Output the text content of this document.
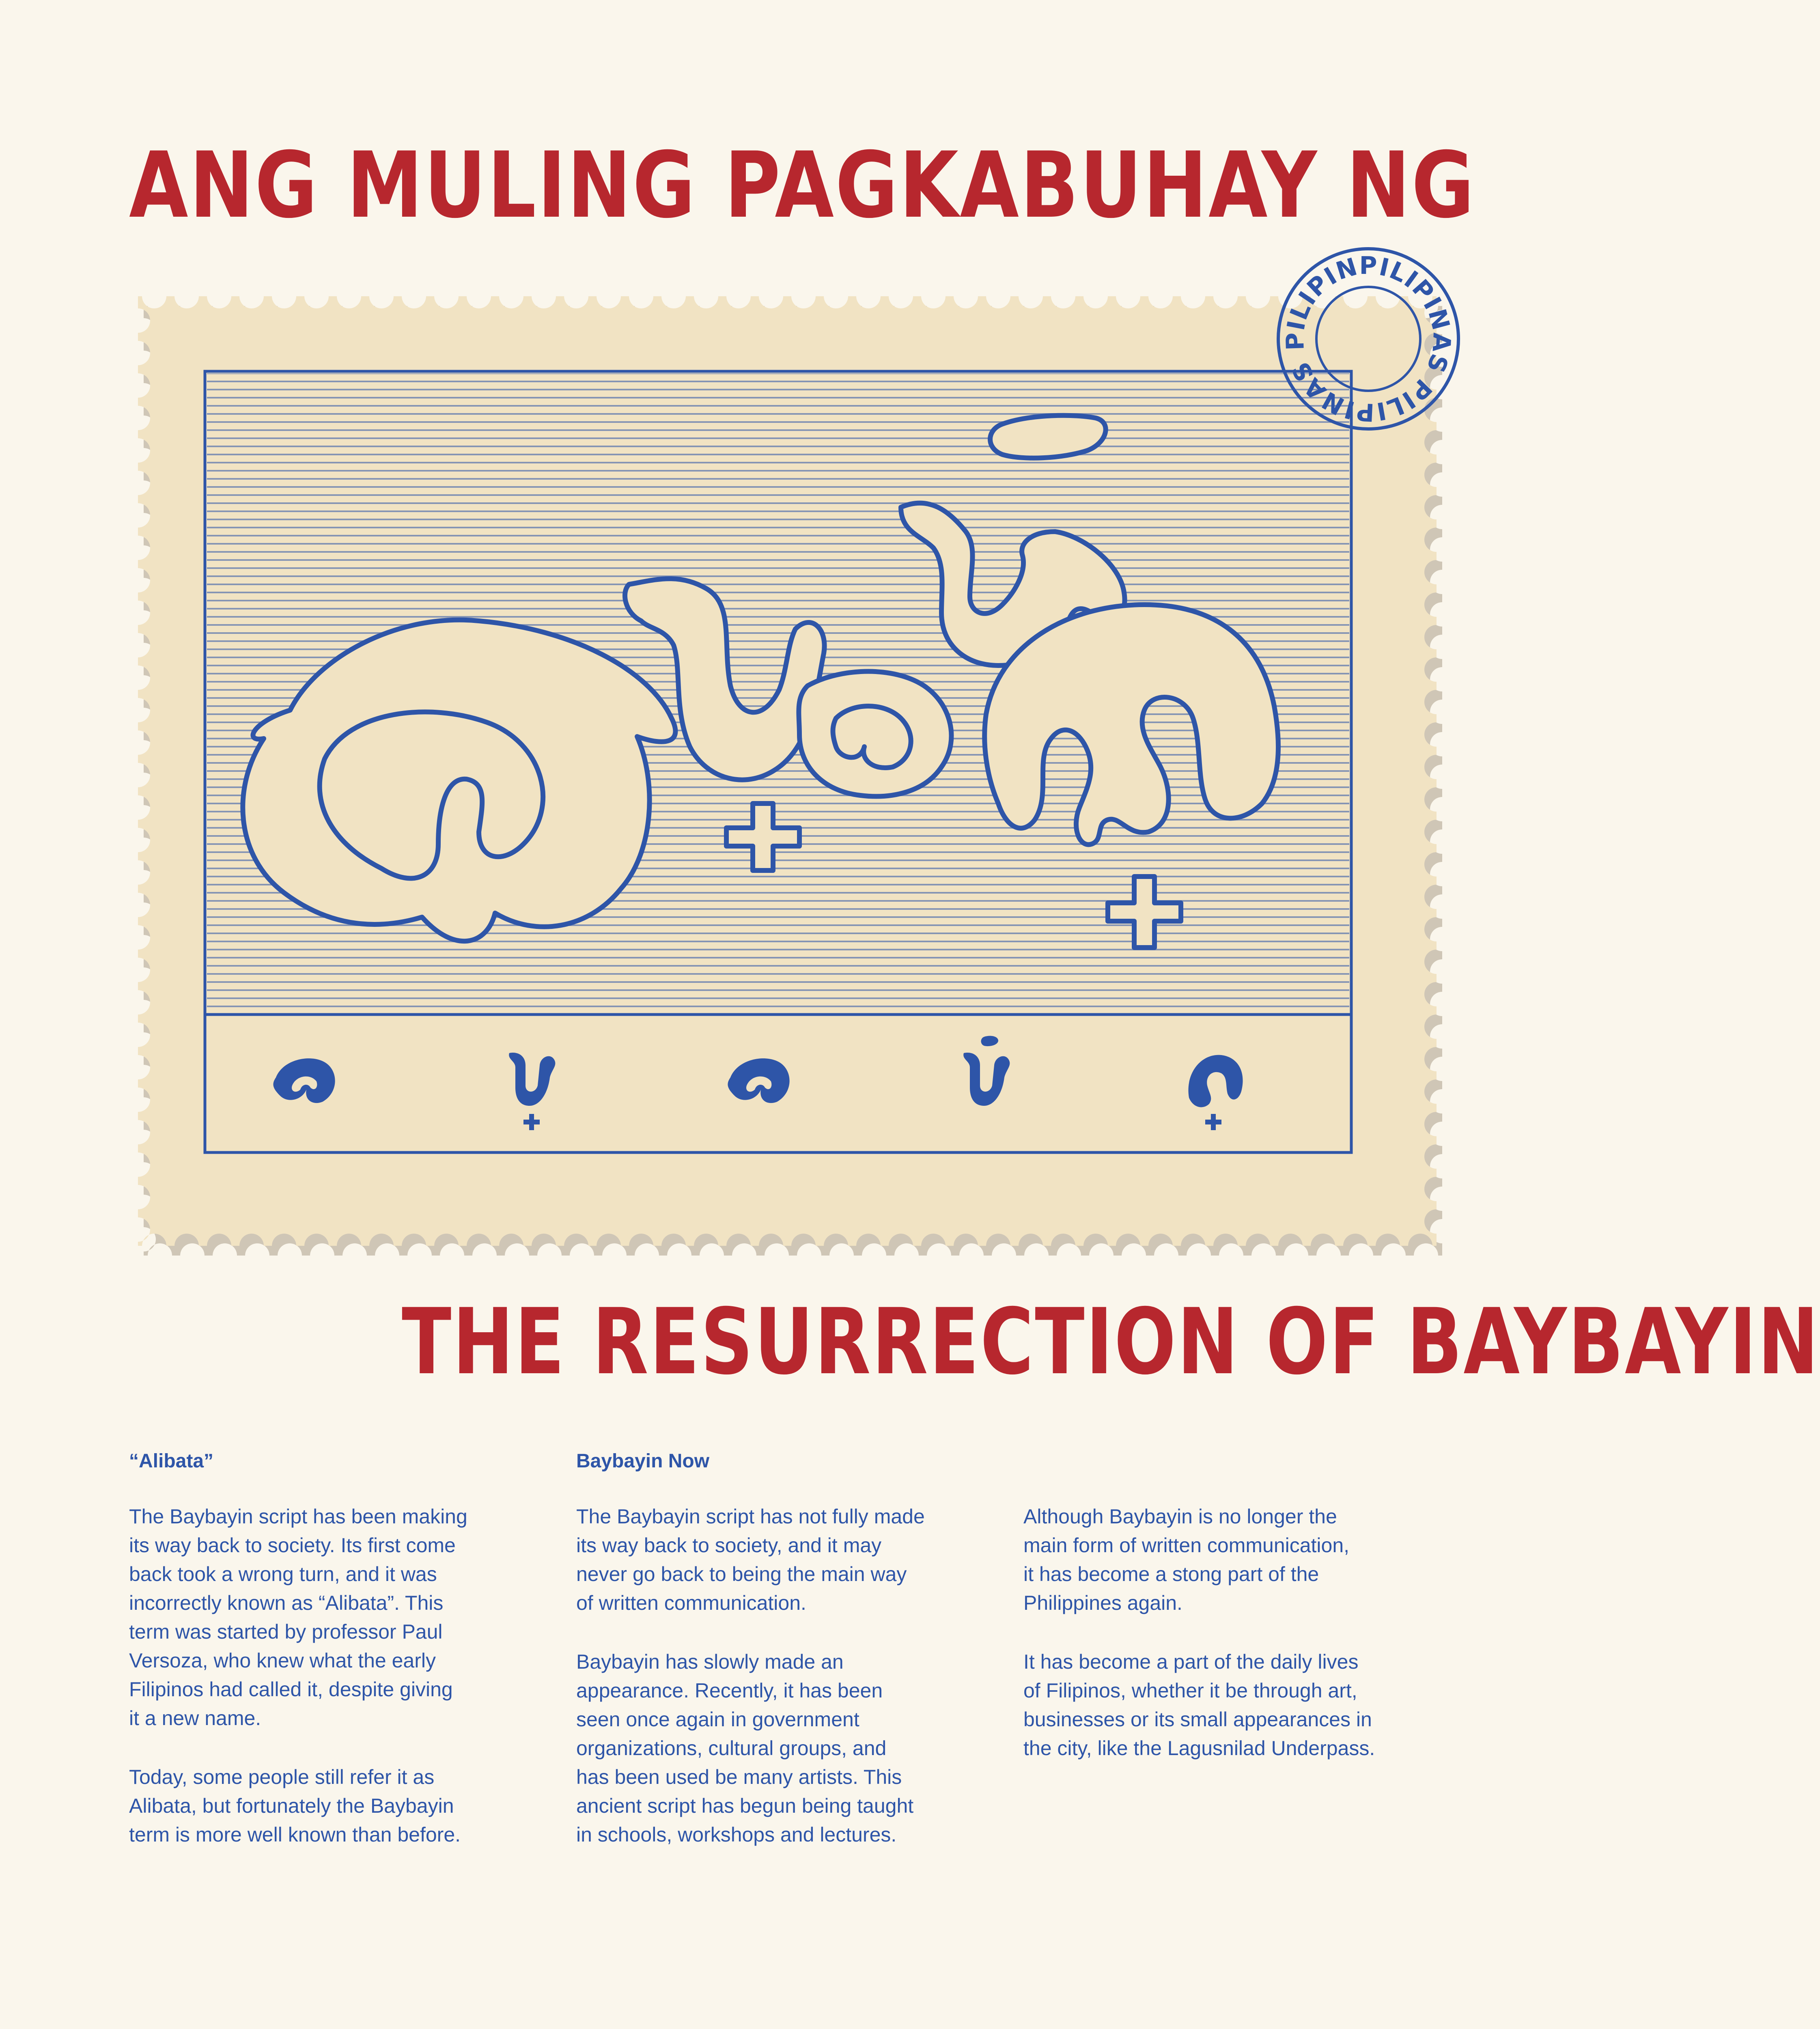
ANG MULING PAGKABUHAY NG
PILIPINAS PILIPINAS PILIPINAS
THE RESURRECTION OF BAYBAYIN
“Alibata”

The Baybayin script has been making
its way back to society. Its first come
back took a wrong turn, and it was
incorrectly known as “Alibata”. This
term was started by professor Paul
Versoza, who knew what the early
Filipinos had called it, despite giving
it a new name.

Today, some people still refer it as
Alibata, but fortunately the Baybayin
term is more well known than before.

Baybayin Now

The Baybayin script has not fully made
its way back to society, and it may
never go back to being the main way
of written communication.

Baybayin has slowly made an
appearance. Recently, it has been
seen once again in government
organizations, cultural groups, and
has been used be many artists. This
ancient script has begun being taught
in schools, workshops and lectures.

Although Baybayin is no longer the
main form of written communication,
it has become a stong part of the
Philippines again.

It has become a part of the daily lives
of Filipinos, whether it be through art,
businesses or its small appearances in
the city, like the Lagusnilad Underpass.
